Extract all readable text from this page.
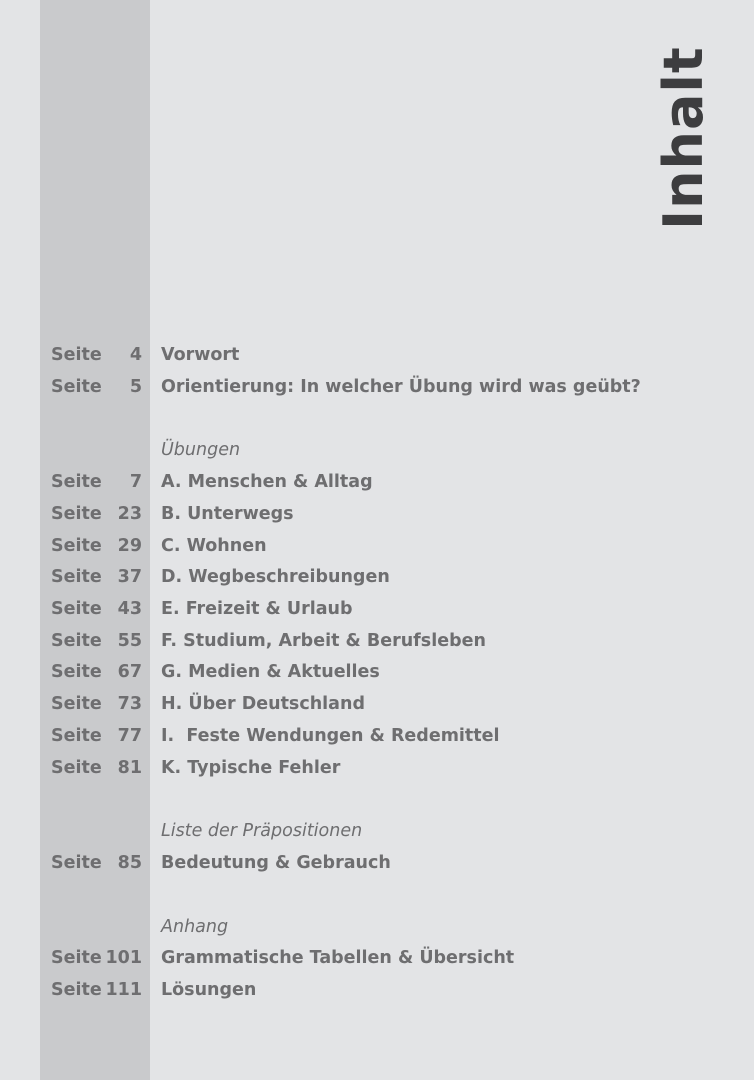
Inhalt
Seite	4 Vorwort
Seite	5 Orientierung: In welcher Übung wird was geübt?
Übungen
Seite	7 A. Menschen & Alltag
Seite 23 B. Unterwegs
Seite 29 C. Wohnen
Seite 37 D. Wegbeschreibungen
Seite 43 E. Freizeit & Urlaub
Seite 55 F. Studium, Arbeit & Berufsleben
Seite 67 G. Medien & Aktuelles
Seite 73 H. Über Deutschland
Seite 77 I.  Feste Wendungen & Redemittel
Seite 81 K. Typische Fehler
Liste der Präpositionen
Seite 85 Bedeutung & Gebrauch
Anhang
Seite 101 Grammatische Tabellen & Übersicht
Seite 111 Lösungen
